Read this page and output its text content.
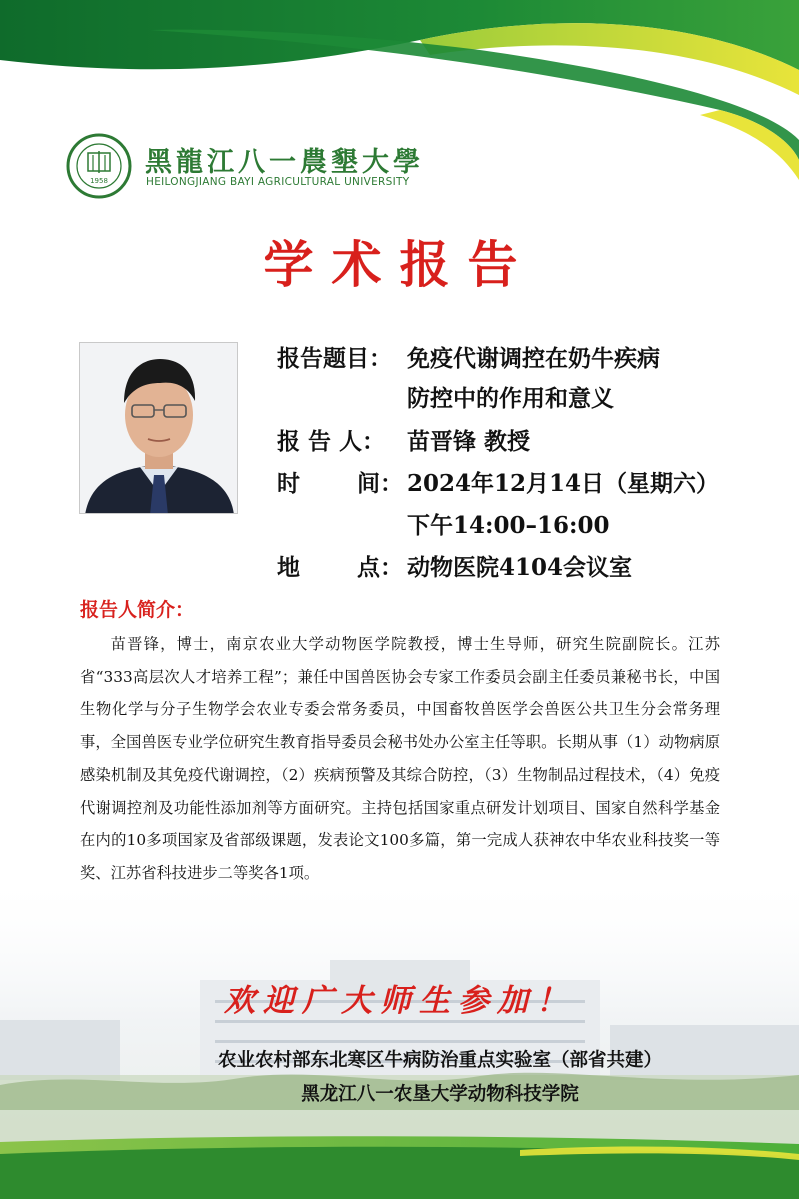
1958
黑龍江八一農墾大學
HEILONGJIANG BAYI AGRICULTURAL UNIVERSITY
学术报告
报告题目： 免疫代谢调控在奶牛疾病
防控中的作用和意义
报 告 人： 苗晋锋 教授
时 间： 2024年12月14日（星期六）
下午14:00–16:00
地 点： 动物医院4104会议室
报告人简介：
苗晋锋，博士，南京农业大学动物医学院教授，博士生导师，研究生院副院长。江苏省“333高层次人才培养工程”；兼任中国兽医协会专家工作委员会副主任委员兼秘书长，中国生物化学与分子生物学会农业专委会常务委员，中国畜牧兽医学会兽医公共卫生分会常务理事，全国兽医专业学位研究生教育指导委员会秘书处办公室主任等职。长期从事（1）动物病原感染机制及其免疫代谢调控，（2）疾病预警及其综合防控，（3）生物制品过程技术，（4）免疫代谢调控剂及功能性添加剂等方面研究。主持包括国家重点研发计划项目、国家自然科学基金在内的10多项国家及省部级课题，发表论文100多篇，第一完成人获神农中华农业科技奖一等
欢迎广大师生参加！
农业农村部东北寒区牛病防治重点实验室（部省共建）
黑龙江八一农垦大学动物科技学院
